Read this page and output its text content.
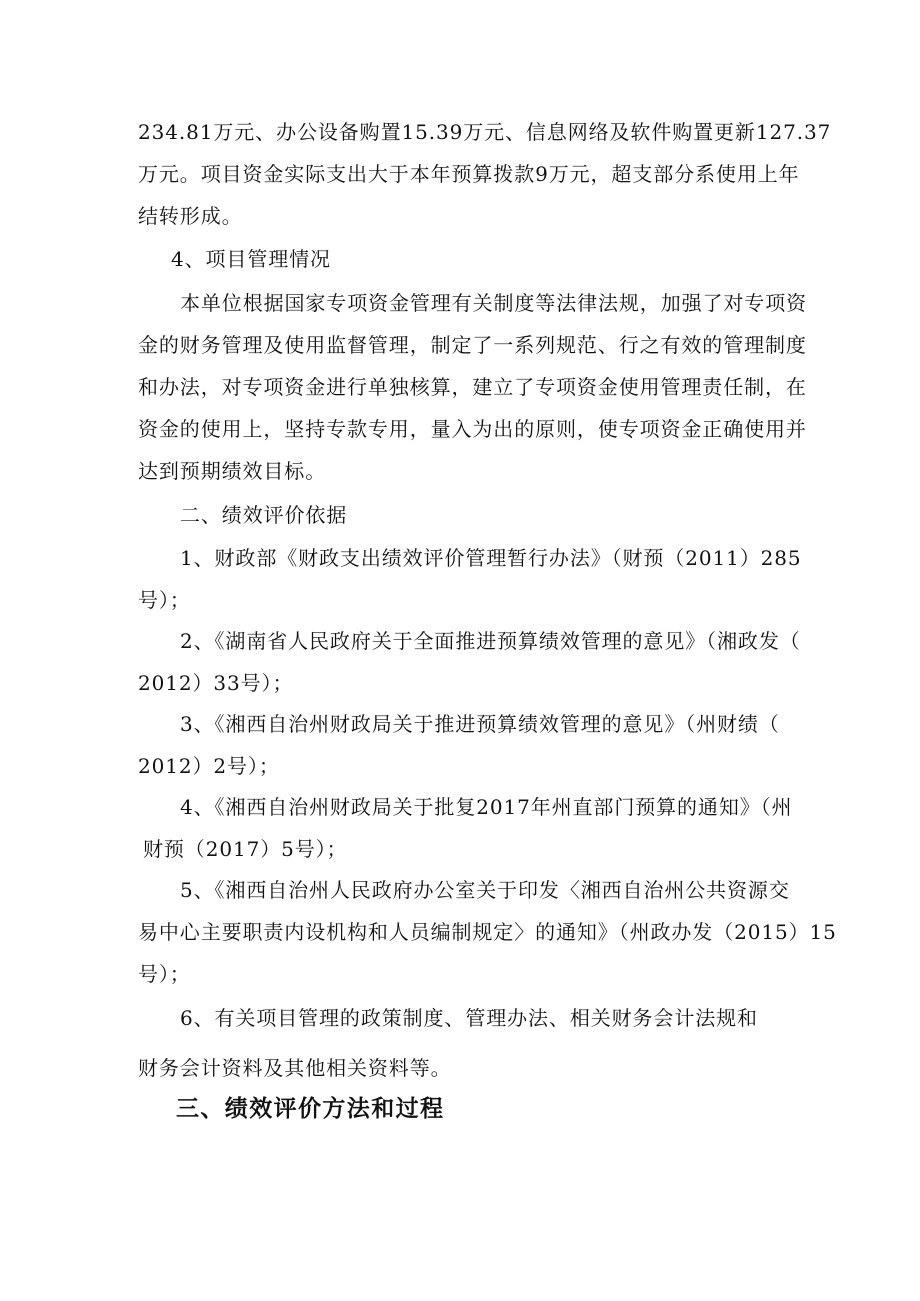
234.81万元、办公设备购置15.39万元、信息网络及软件购置更新127.37
万元。项目资金实际支出大于本年预算拨款9万元，超支部分系使用上年
结转形成。
4、项目管理情况
本单位根据国家专项资金管理有关制度等法律法规，加强了对专项资
金的财务管理及使用监督管理，制定了一系列规范、行之有效的管理制度
和办法，对专项资金进行单独核算，建立了专项资金使用管理责任制，在
资金的使用上，坚持专款专用，量入为出的原则，使专项资金正确使用并
达到预期绩效目标。
二、绩效评价依据
1、财政部《财政支出绩效评价管理暂行办法》（财预（2011）285
号）；
2、《湖南省人民政府关于全面推进预算绩效管理的意见》（湘政发（
2012）33号）；
3、《湘西自治州财政局关于推进预算绩效管理的意见》（州财绩（
2012）2号）；
4、《湘西自治州财政局关于批复2017年州直部门预算的通知》（州
财预（2017）5号）；
5、《湘西自治州人民政府办公室关于印发〈湘西自治州公共资源交
易中心主要职责内设机构和人员编制规定〉的通知》（州政办发（2015）15
号）；
6、有关项目管理的政策制度、管理办法、相关财务会计法规和
财务会计资料及其他相关资料等。
三、绩效评价方法和过程
